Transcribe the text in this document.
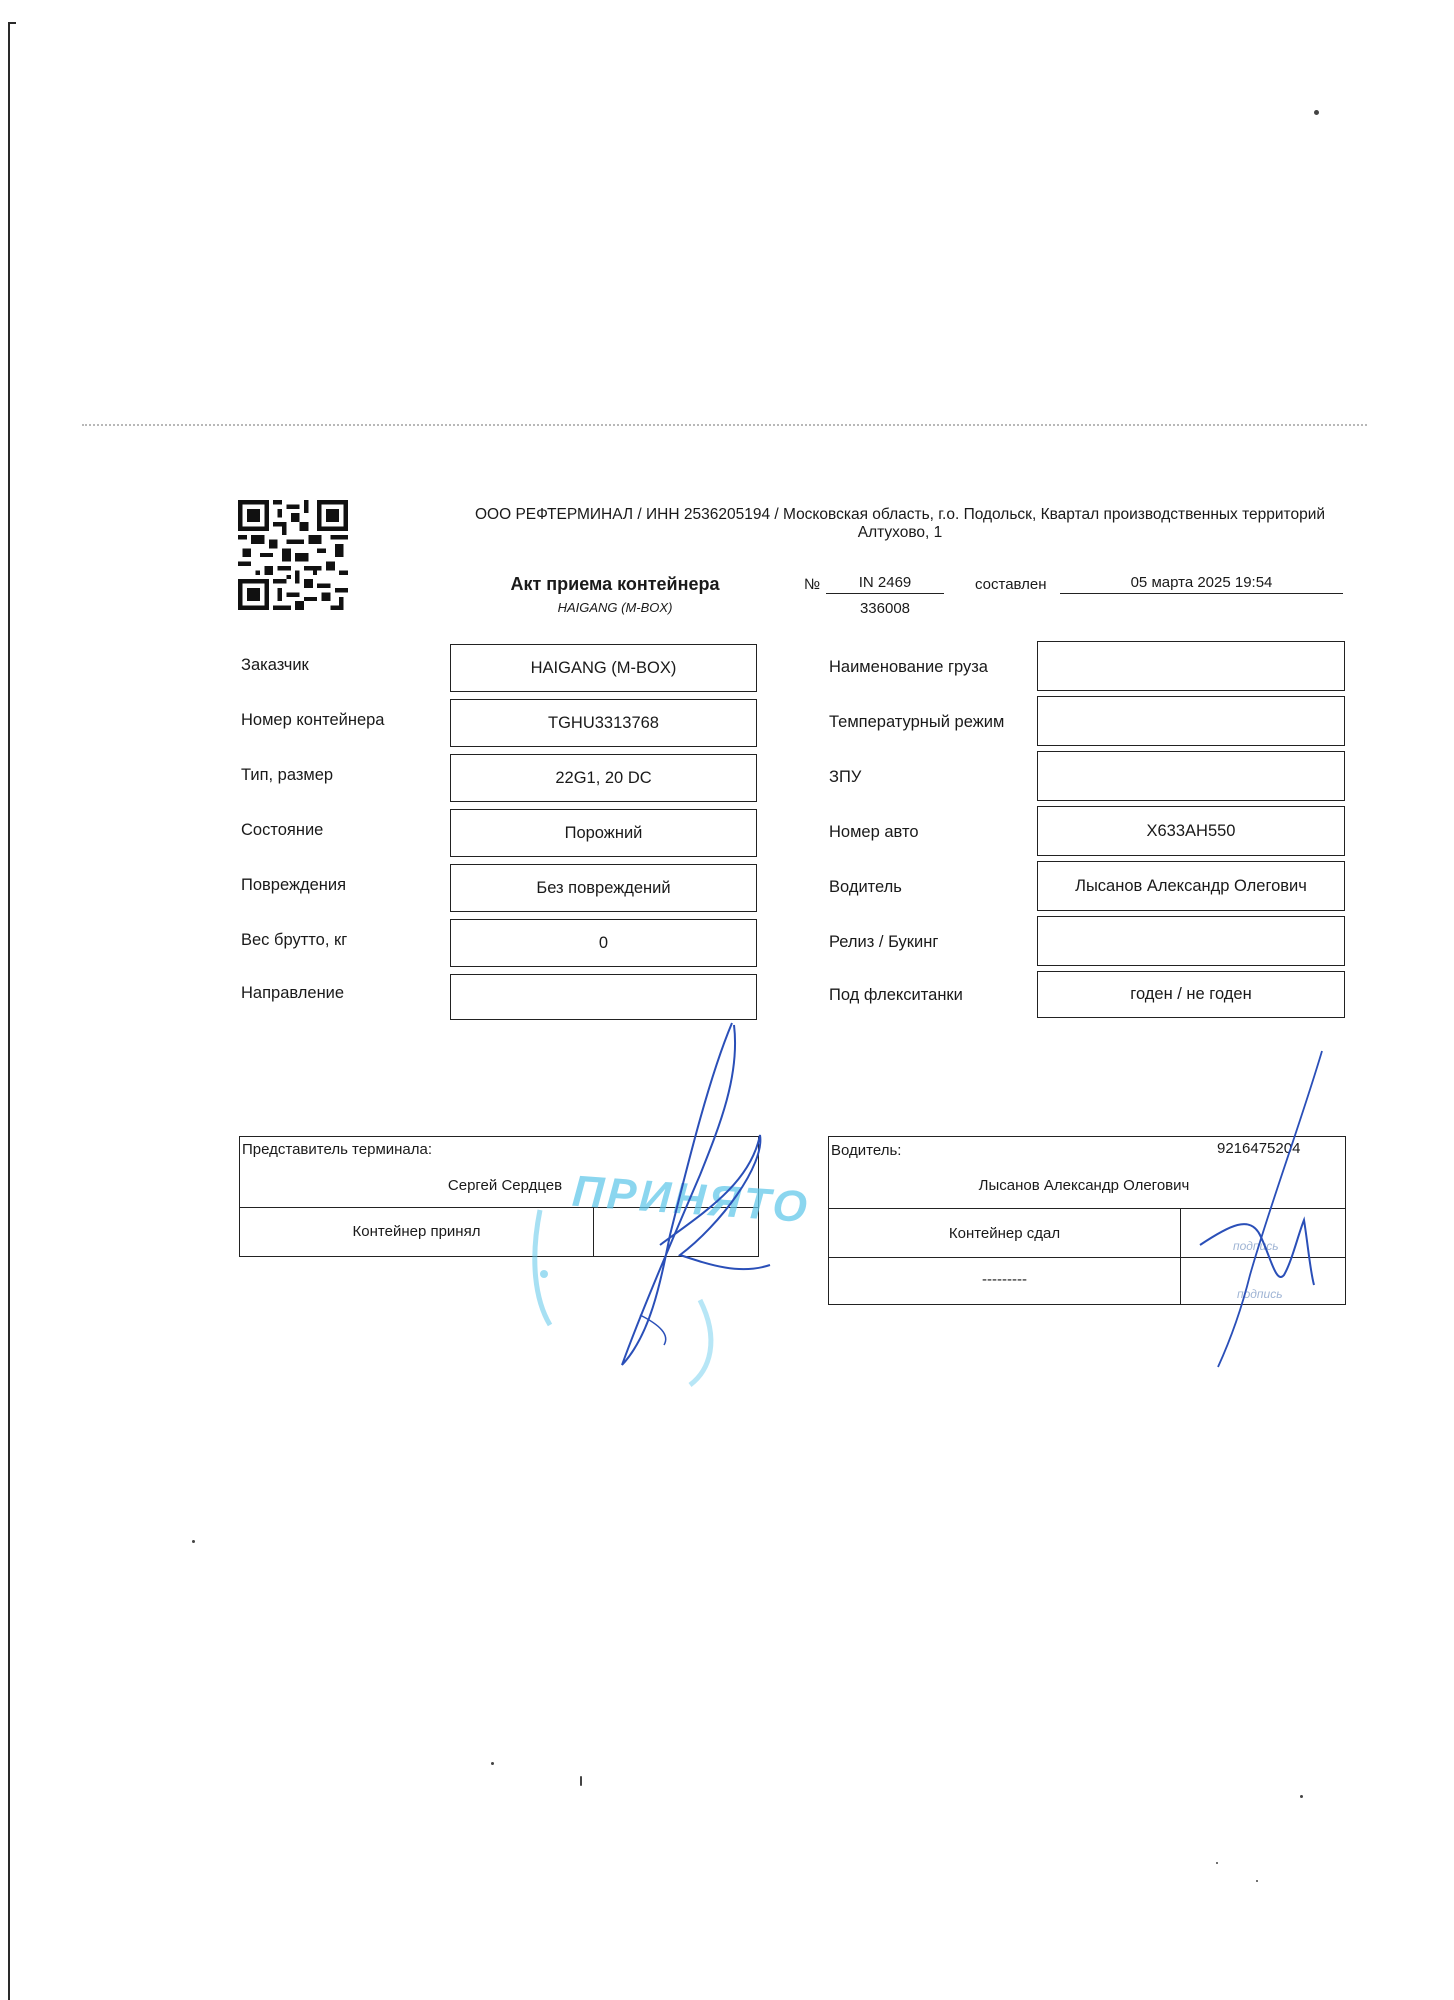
ООО РЕФТЕРМИНАЛ / ИНН 2536205194 / Московская область, г.о. Подольск, Квартал производственных территорий
Алтухово, 1
Акт приема контейнера
HAIGANG (M-BOX)
№	IN 2469
336008
составлен	05 марта 2025 19:54
Заказчик	HAIGANG (M-BOX)
Номер контейнера	TGHU3313768
Тип, размер	22G1, 20 DC
Состояние	Порожний
Повреждения	Без повреждений
Вес брутто, кг	0
Направление
Наименование груза
Температурный режим
ЗПУ
Номер авто	Х633АН550
Водитель	Лысанов Александр Олегович
Релиз / Букинг
Под флекситанки	годен / не годен
Представитель терминала:
Сергей Сердцев
Контейнер принял
Водитель:	9216475204
Лысанов Александр Олегович
Контейнер сдал
---------
подпись
подпись
ПРИНЯТО
